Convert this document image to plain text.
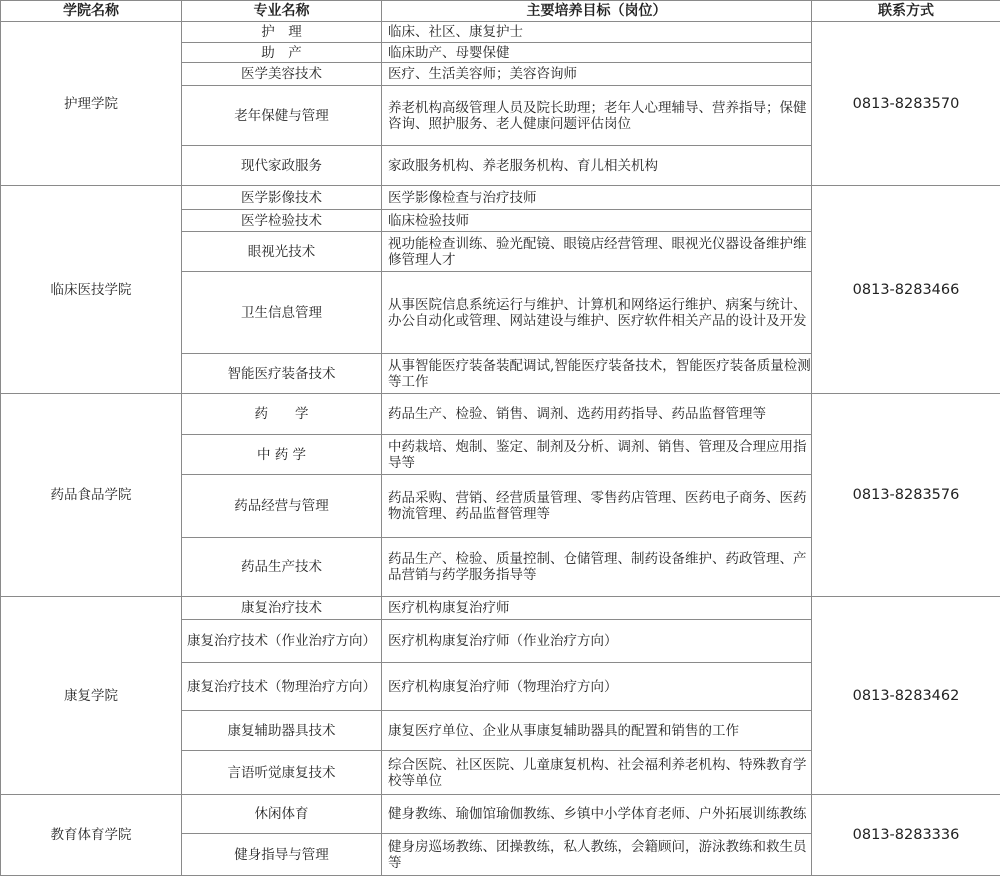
学院名称	专业名称	主要培养目标（岗位）	联系方式
护理学院	护　理	临床、社区、康复护士	0813-8283570
	助　产	临床助产、母婴保健	
	医学美容技术	医疗、生活美容师；美容咨询师	
	老年保健与管理	养老机构高级管理人员及院长助理；老年人心理辅导、营养指导；保健咨询、照护服务、老人健康问题评估岗位	
	现代家政服务	家政服务机构、养老服务机构、育儿相关机构	
临床医技学院	医学影像技术	医学影像检查与治疗技师	0813-8283466
	医学检验技术	临床检验技师	
	眼视光技术	视功能检查训练、验光配镜、眼镜店经营管理、眼视光仪器设备维护维修管理人才	
	卫生信息管理	从事医院信息系统运行与维护、计算机和网络运行维护、病案与统计、办公自动化或管理、网站建设与维护、医疗软件相关产品的设计及开发	
	智能医疗装备技术	从事智能医疗装备装配调试,智能医疗装备技术，智能医疗装备质量检测等工作	
药品食品学院	药　　学	药品生产、检验、销售、调剂、选药用药指导、药品监督管理等	0813-8283576
	中 药 学	中药栽培、炮制、鉴定、制剂及分析、调剂、销售、管理及合理应用指导等	
	药品经营与管理	药品采购、营销、经营质量管理、零售药店管理、医药电子商务、医药物流管理、药品监督管理等	
	药品生产技术	药品生产、检验、质量控制、仓储管理、制药设备维护、药政管理、产品营销与药学服务指导等	
康复学院	康复治疗技术	医疗机构康复治疗师	0813-8283462
	康复治疗技术（作业治疗方向）	医疗机构康复治疗师（作业治疗方向）	
	康复治疗技术（物理治疗方向）	医疗机构康复治疗师（物理治疗方向）	
	康复辅助器具技术	康复医疗单位、企业从事康复辅助器具的配置和销售的工作	
	言语听觉康复技术	综合医院、社区医院、儿童康复机构、社会福利养老机构、特殊教育学校等单位	
教育体育学院	休闲体育	健身教练、瑜伽馆瑜伽教练、乡镇中小学体育老师、户外拓展训练教练	0813-8283336
	健身指导与管理	健身房巡场教练、团操教练，私人教练，会籍顾问，游泳教练和救生员等	
